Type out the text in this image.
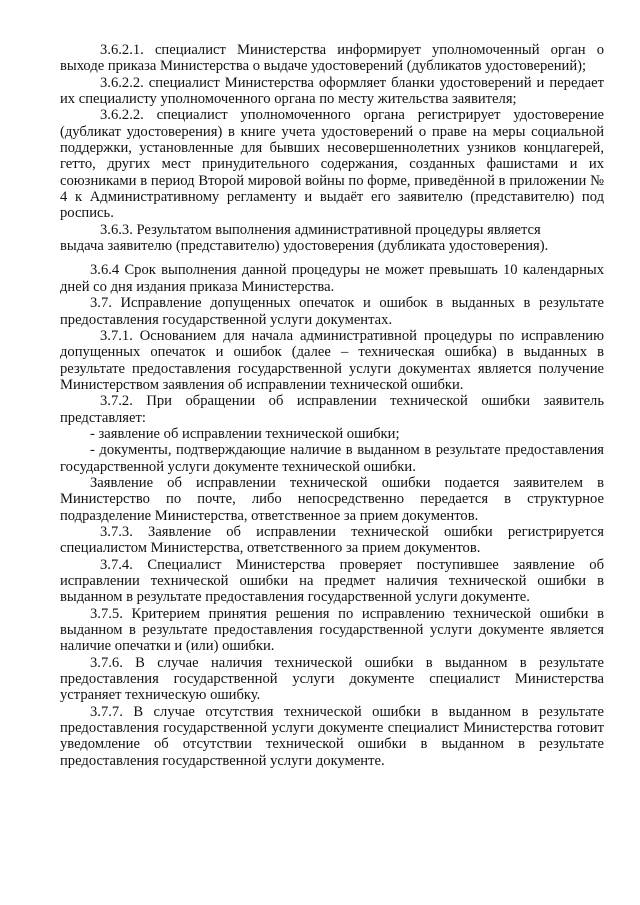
3.6.2.1. специалист Министерства информирует уполномоченный орган о выходе приказа Министерства о выдаче удостоверений (дубликатов удостоверений);

3.6.2.2. специалист Министерства оформляет бланки удостоверений и передает их специалисту уполномоченного органа по месту жительства заявителя;

3.6.2.2. специалист уполномоченного органа регистрирует удостоверение (дубликат удостоверения) в книге учета удостоверений о праве на меры социальной поддержки, установленные для бывших несовершеннолетних узников концлагерей, гетто, других мест принудительного содержания, созданных фашистами и их союзниками в период Второй мировой войны по форме, приведённой в приложении № 4 к Административному регламенту и выдаёт его заявителю (представителю) под роспись.

3.6.3. Результатом выполнения административной процедуры является

выдача заявителю (представителю) удостоверения (дубликата удостоверения).

3.6.4 Срок выполнения данной процедуры не может превышать 10 календарных дней со дня издания приказа Министерства.

3.7. Исправление допущенных опечаток и ошибок в выданных в результате предоставления государственной услуги документах.

3.7.1. Основанием для начала административной процедуры по исправлению допущенных опечаток и ошибок (далее – техническая ошибка) в выданных в результате предоставления государственной услуги документах является получение Министерством заявления об исправлении технической ошибки.

3.7.2. При обращении об исправлении технической ошибки заявитель представляет:

- заявление об исправлении технической ошибки;

- документы, подтверждающие наличие в выданном в результате предоставления государственной услуги документе технической ошибки.

Заявление об исправлении технической ошибки подается заявителем в Министерство по почте, либо непосредственно передается в структурное подразделение Министерства, ответственное за прием документов.

3.7.3. Заявление об исправлении технической ошибки регистрируется специалистом Министерства, ответственного за прием документов.

3.7.4. Специалист Министерства проверяет поступившее заявление об исправлении технической ошибки на предмет наличия технической ошибки в выданном в результате предоставления государственной услуги документе.

3.7.5. Критерием принятия решения по исправлению технической ошибки в выданном в результате предоставления государственной услуги документе является наличие опечатки и (или) ошибки.

3.7.6. В случае наличия технической ошибки в выданном в результате предоставления государственной услуги документе специалист Министерства устраняет техническую ошибку.

3.7.7. В случае отсутствия технической ошибки в выданном в результате предоставления государственной услуги документе специалист Министерства готовит уведомление об отсутствии технической ошибки в выданном в результате предоставления государственной услуги документе.
